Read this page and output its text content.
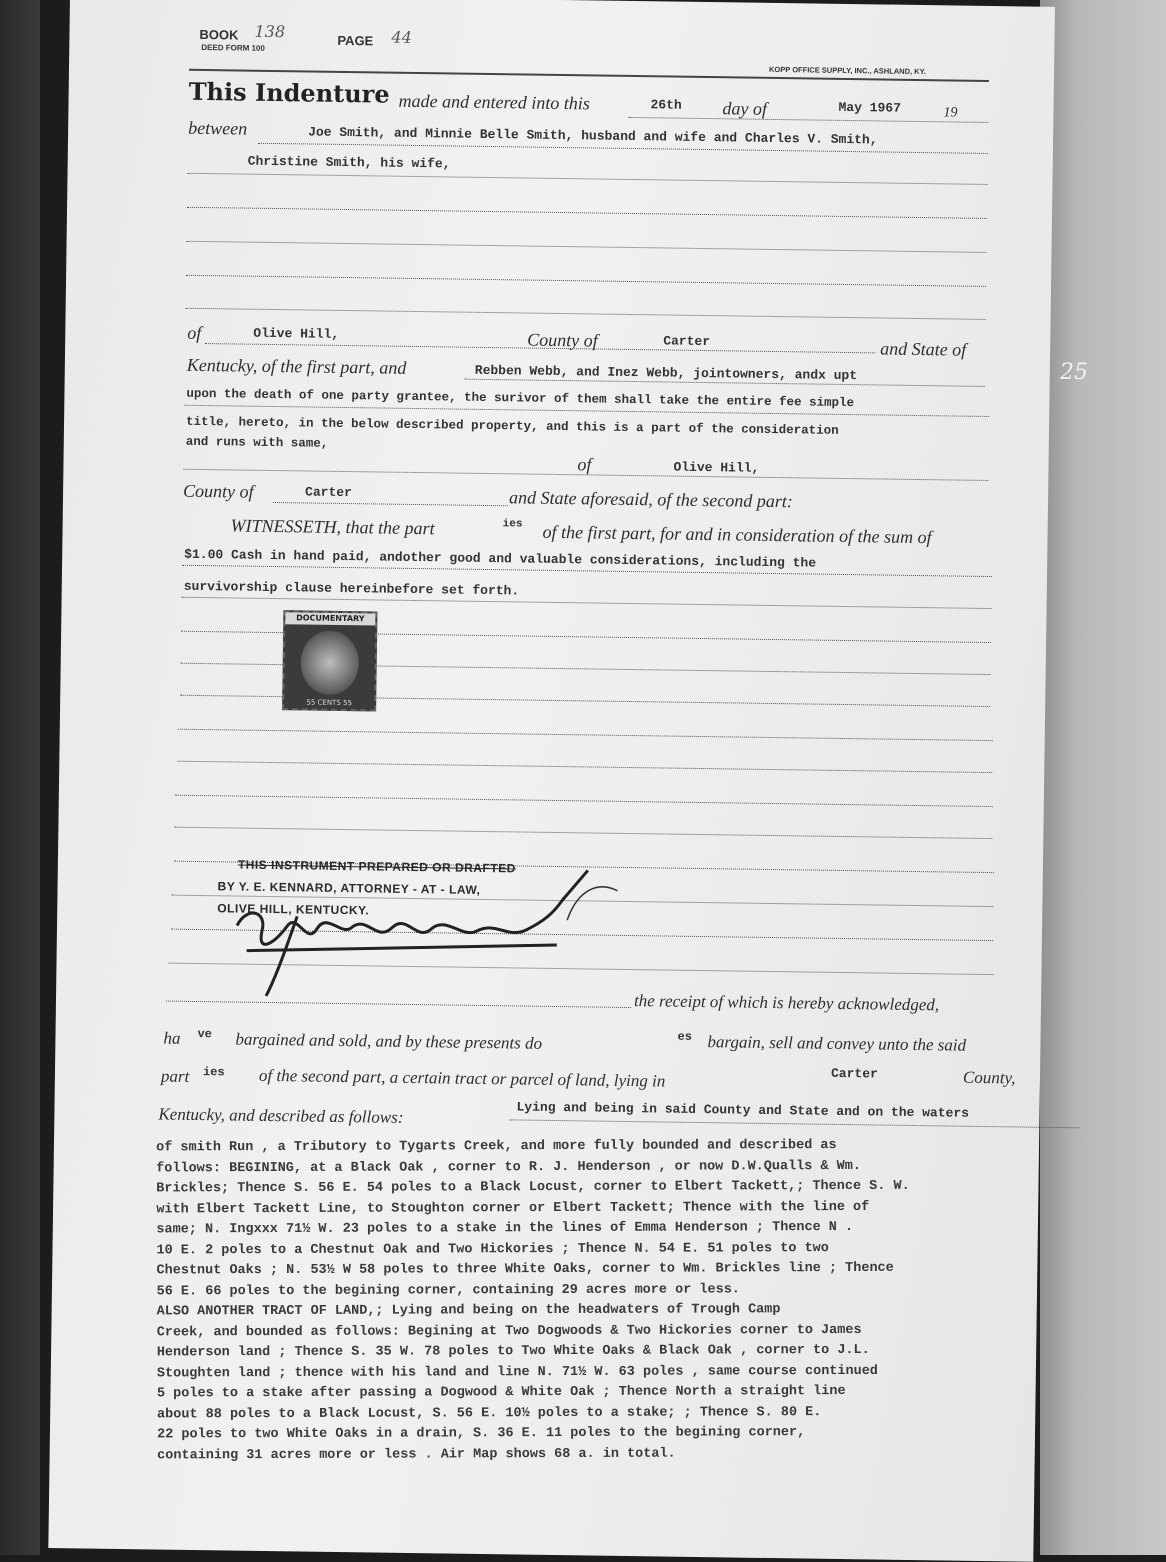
25
BOOK 138	PAGE 44
DEED FORM 100
KOPP OFFICE SUPPLY, INC., ASHLAND, KY.
This Indenture made and entered into this	26th day of	May 1967	19
between	Joe Smith, and Minnie Belle Smith, husband and wife and Charles V. Smith,
Christine Smith, his wife,
of	Olive Hill,	County of	Carter	and State of
Kentucky, of the first part, and	Rebben Webb, and Inez Webb, jointowners, andx upt
upon the death of one party grantee, the surivor of them shall take the entire fee simple
title, hereto, in the below described property, and this is a part of the consideration
and runs with same,
of	Olive Hill,
County of	Carter	and State aforesaid, of the second part:
WITNESSETH, that the part	ies of the first part, for and in consideration of the sum of
$1.00 Cash in hand paid, andother good and valuable considerations, including the
survivorship clause hereinbefore set forth.
DOCUMENTARY
55 CENTS 55
THIS INSTRUMENT PREPARED OR DRAFTED
BY Y. E. KENNARD, ATTORNEY - AT - LAW,
OLIVE HILL, KENTUCKY.
the receipt of which is hereby acknowledged,
ha ve bargained and sold, and by these presents do	es bargain, sell and convey unto the said
part ies of the second part, a certain tract or parcel of land, lying in	Carter	County,
Kentucky, and described as follows:	Lying and being in said County and State and on the waters
of smith Run , a Tributory to Tygarts Creek, and more fully bounded and described as
follows: BEGINING, at a Black Oak , corner to R. J. Henderson , or now D.W.Qualls & Wm.
Brickles; Thence S. 56 E. 54 poles to a Black Locust, corner to Elbert Tackett,; Thence S. W.
with Elbert Tackett Line, to Stoughton corner or Elbert Tackett; Thence with the line of
same; N. Ingxxx 71½ W. 23 poles to a stake in the lines of Emma Henderson ; Thence N .
10 E. 2 poles to a Chestnut Oak and Two Hickories ; Thence N. 54 E. 51 poles to two
Chestnut Oaks ; N. 53½ W 58 poles to three White Oaks, corner to Wm. Brickles line ; Thence
56 E. 66 poles to the begining corner, containing 29 acres more or less.
ALSO ANOTHER TRACT OF LAND,; Lying and being on the headwaters of Trough Camp
Creek, and bounded as follows: Begining at Two Dogwoods & Two Hickories corner to James
Henderson land ; Thence S. 35 W. 78 poles to Two White Oaks & Black Oak , corner to J.L.
Stoughten land ; thence with his land and line N. 71½ W. 63 poles , same course continued
5 poles to a stake after passing a Dogwood & White Oak ; Thence North a straight line
about 88 poles to a Black Locust, S. 56 E. 10½ poles to a stake; ; Thence S. 80 E.
22 poles to two White Oaks in a drain, S. 36 E. 11 poles to the begining corner,
containing 31 acres more or less . Air Map shows 68 a. in total.
